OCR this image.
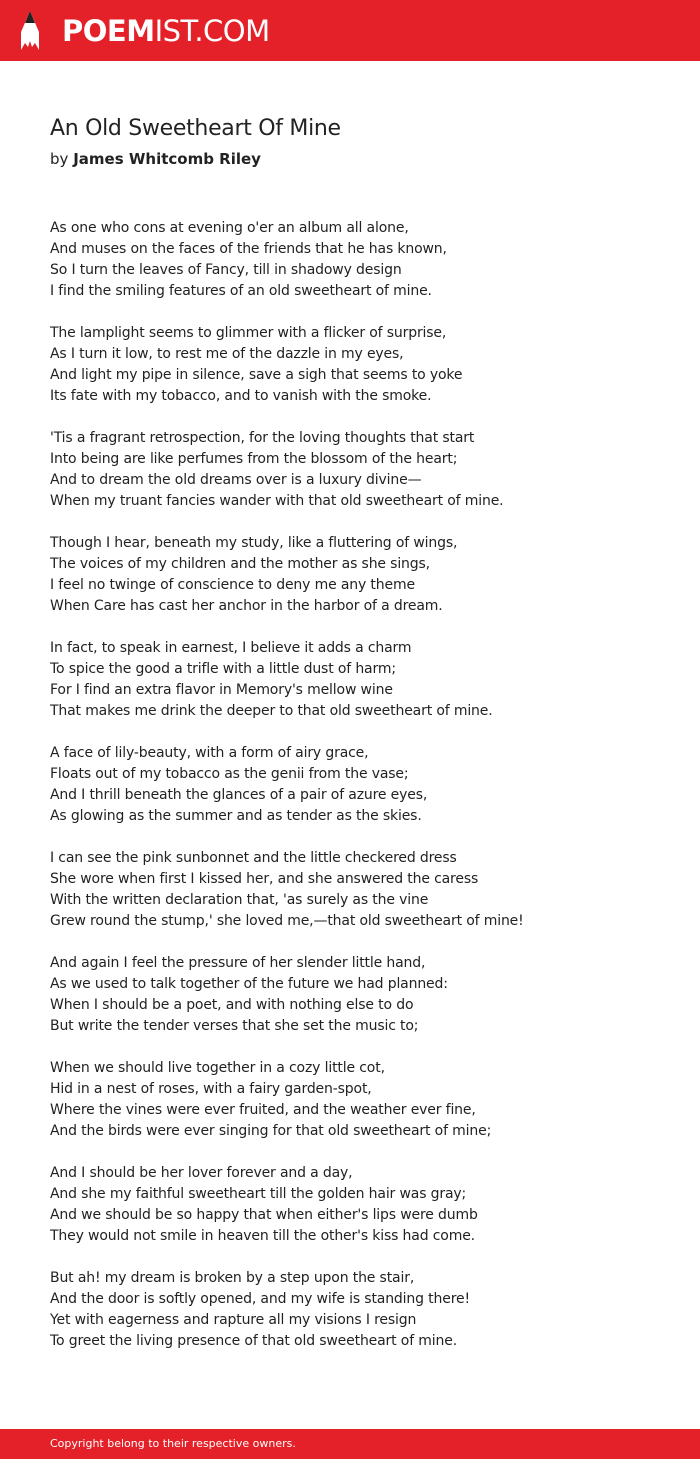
POEMIST.COM
An Old Sweetheart Of Mine
by James Whitcomb Riley
As one who cons at evening o'er an album all alone,
And muses on the faces of the friends that he has known,
So I turn the leaves of Fancy, till in shadowy design
I find the smiling features of an old sweetheart of mine.
The lamplight seems to glimmer with a flicker of surprise,
As I turn it low, to rest me of the dazzle in my eyes,
And light my pipe in silence, save a sigh that seems to yoke
Its fate with my tobacco, and to vanish with the smoke.
'Tis a fragrant retrospection, for the loving thoughts that start
Into being are like perfumes from the blossom of the heart;
And to dream the old dreams over is a luxury divine—
When my truant fancies wander with that old sweetheart of mine.
Though I hear, beneath my study, like a fluttering of wings,
The voices of my children and the mother as she sings,
I feel no twinge of conscience to deny me any theme
When Care has cast her anchor in the harbor of a dream.
In fact, to speak in earnest, I believe it adds a charm
To spice the good a trifle with a little dust of harm;
For I find an extra flavor in Memory's mellow wine
That makes me drink the deeper to that old sweetheart of mine.
A face of lily-beauty, with a form of airy grace,
Floats out of my tobacco as the genii from the vase;
And I thrill beneath the glances of a pair of azure eyes,
As glowing as the summer and as tender as the skies.
I can see the pink sunbonnet and the little checkered dress
She wore when first I kissed her, and she answered the caress
With the written declaration that, 'as surely as the vine
Grew round the stump,' she loved me,—that old sweetheart of mine!
And again I feel the pressure of her slender little hand,
As we used to talk together of the future we had planned:
When I should be a poet, and with nothing else to do
But write the tender verses that she set the music to;
When we should live together in a cozy little cot,
Hid in a nest of roses, with a fairy garden-spot,
Where the vines were ever fruited, and the weather ever fine,
And the birds were ever singing for that old sweetheart of mine;
And I should be her lover forever and a day,
And she my faithful sweetheart till the golden hair was gray;
And we should be so happy that when either's lips were dumb
They would not smile in heaven till the other's kiss had come.
But ah! my dream is broken by a step upon the stair,
And the door is softly opened, and my wife is standing there!
Yet with eagerness and rapture all my visions I resign
To greet the living presence of that old sweetheart of mine.
Copyright belong to their respective owners.
